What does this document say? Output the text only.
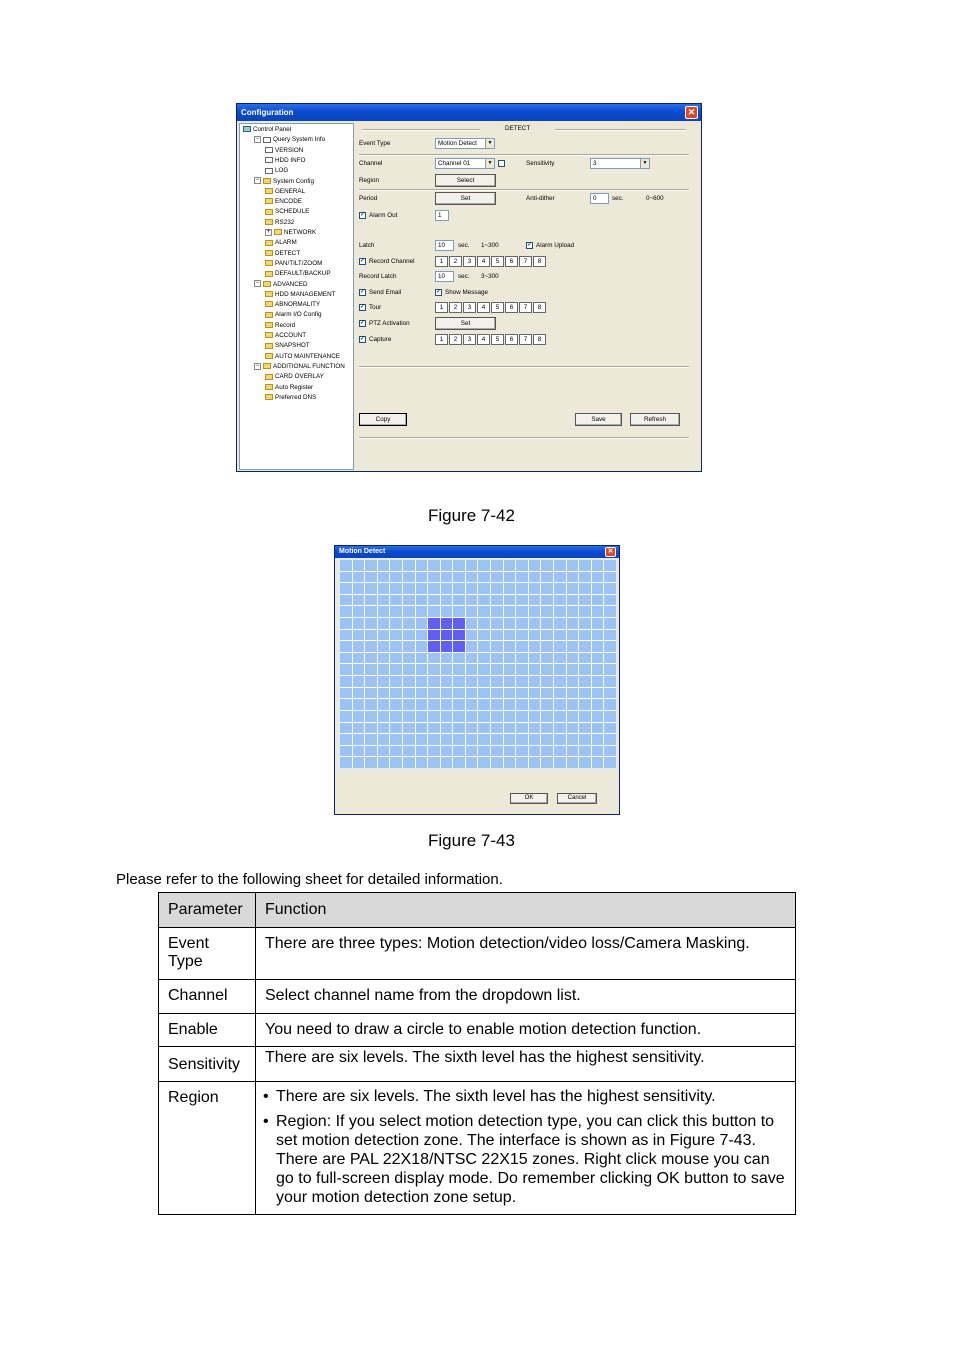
Configuration	✕
Control Panel
− Query System Info
VERSION
HDD INFO
LOG
− System Config
GENERAL
ENCODE
SCHEDULE
RS232
+ NETWORK
ALARM
DETECT
PAN/TILT/ZOOM
DEFAULT/BACKUP
− ADVANCED
HDD MANAGEMENT
ABNORMALITY
Alarm I/O Config
Record
ACCOUNT
SNAPSHOT
AUTO MAINTENANCE
− ADDITIONAL FUNCTION
CARD OVERLAY
Auto Register
Preferred DNS
DETECT
Event Type	Motion Detect	▼
Channel	Channel 01	▼	Sensitivity	3	▼
Region	Select
Period	Set	Anti-dither	0	sec.	0~600
✓ Alarm Out	1
Latch	10	sec. 1~300	✓ Alarm Upload
✓ Record Channel	1	2	3	4	5	6	7	8
Record Latch	10	sec. 3~300
✓ Send Email	✓ Show Message
✓ Tour	1	2	3	4	5	6	7	8
✓ PTZ Activation	Set
✓ Capture	1	2	3	4	5	6	7	8
Copy	Save	Refresh
Figure 7-42
Motion Detect	✕
OK	Cancel
Figure 7-43
Please refer to the following sheet for detailed information.
Parameter	Function
Event Type	There are three types: Motion detection/video loss/Camera Masking.
Channel	Select channel name from the dropdown list.
Enable	You need to draw a circle to enable motion detection function.
Sensitivity	There are six levels. The sixth level has the highest sensitivity.
Region	• There are six levels. The sixth level has the highest sensitivity.
• Region: If you select motion detection type, you can click this button to set motion detection zone. The interface is shown as in Figure 7-43. There are PAL 22X18/NTSC 22X15 zones. Right click mouse you can go to full-screen display mode. Do remember clicking OK button to save your motion detection zone setup.
